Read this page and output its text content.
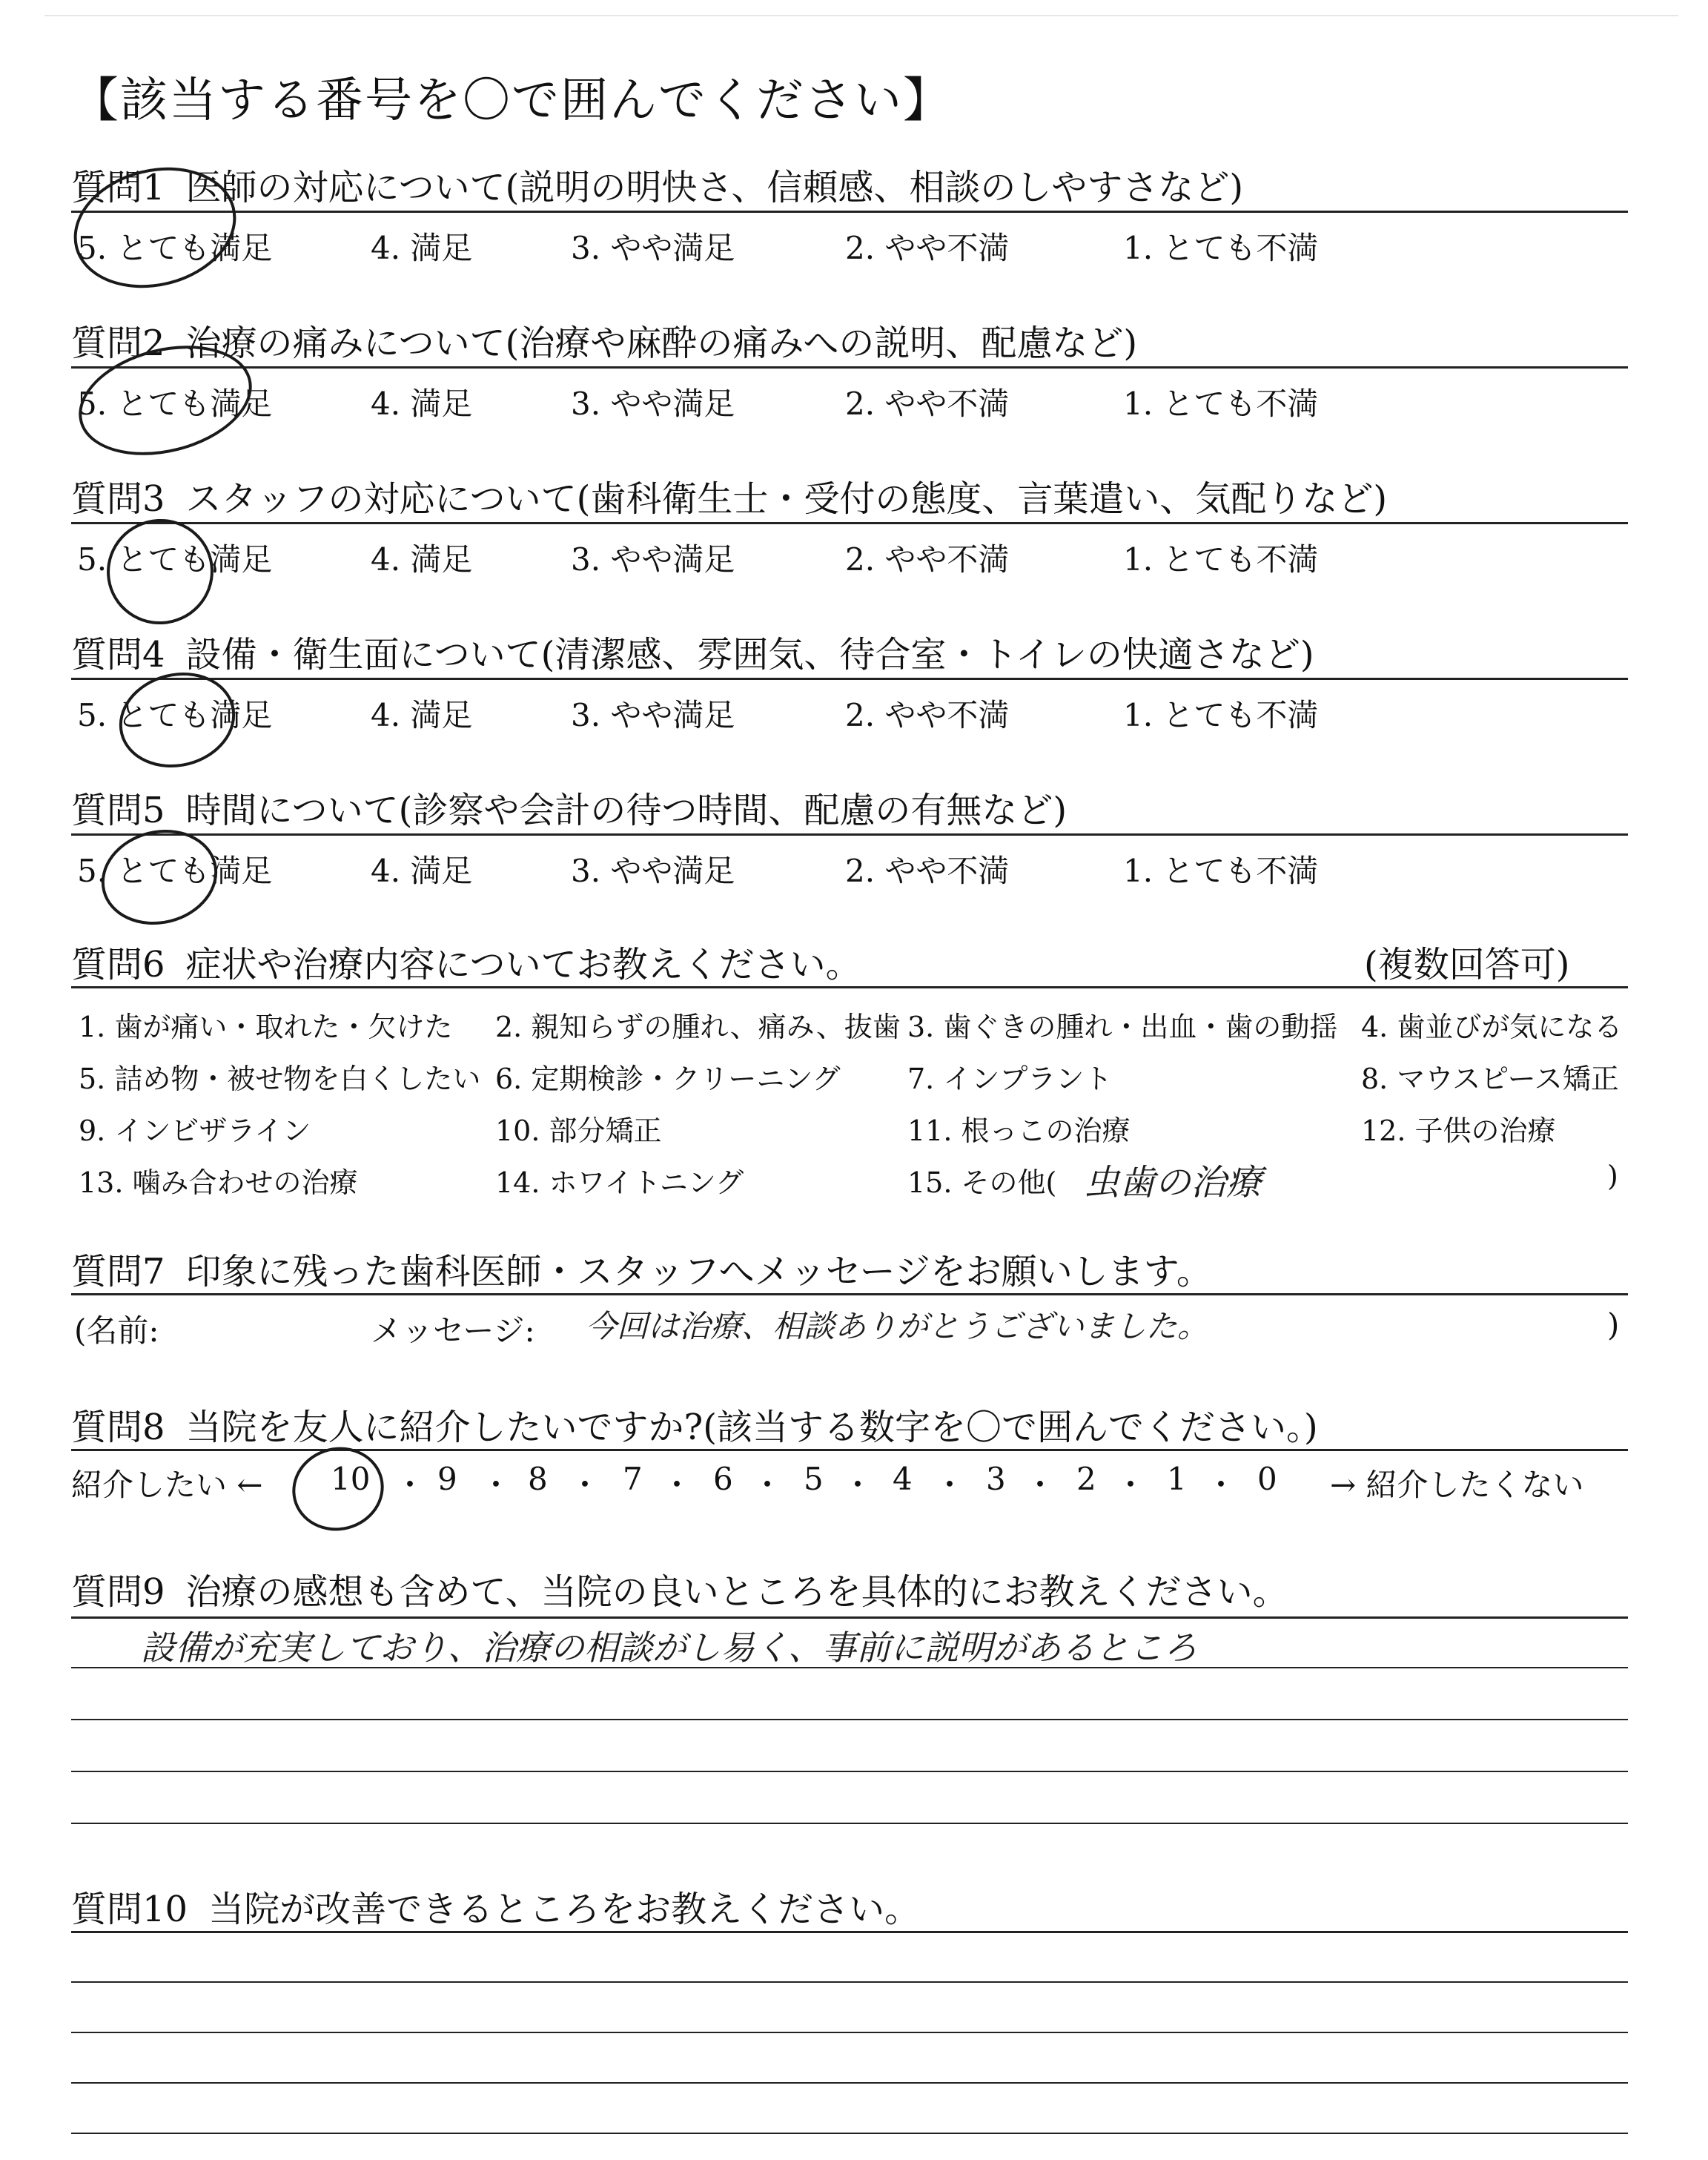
【該当する番号を〇で囲んでください】
質問1 医師の対応について(説明の明快さ、信頼感、相談のしやすさなど)
5. とても満足	4. 満足	3. やや満足	2. やや不満	1. とても不満
質問2 治療の痛みについて(治療や麻酔の痛みへの説明、配慮など)
5. とても満足	4. 満足	3. やや満足	2. やや不満	1. とても不満
質問3 スタッフの対応について(歯科衛生士・受付の態度、言葉遣い、気配りなど)
5. とても満足	4. 満足	3. やや満足	2. やや不満	1. とても不満
質問4 設備・衛生面について(清潔感、雰囲気、待合室・トイレの快適さなど)
5. とても満足	4. 満足	3. やや満足	2. やや不満	1. とても不満
質問5 時間について(診察や会計の待つ時間、配慮の有無など)
5. とても満足	4. 満足	3. やや満足	2. やや不満	1. とても不満
質問6 症状や治療内容についてお教えください。	(複数回答可)
1. 歯が痛い・取れた・欠けた 2. 親知らずの腫れ、痛み、抜歯 3. 歯ぐきの腫れ・出血・歯の動揺 4. 歯並びが気になる
5. 詰め物・被せ物を白くしたい 6. 定期検診・クリーニング 7. インプラント	8. マウスピース矯正
9. インビザライン	10. 部分矯正	11. 根っこの治療	12. 子供の治療
13. 噛み合わせの治療	14. ホワイトニング	15. その他( 虫歯の治療	)
質問7 印象に残った歯科医師・スタッフへメッセージをお願いします。
(名前:	メッセージ: 今回は治療、相談ありがとうございました。	)
質問8 当院を友人に紹介したいですか?(該当する数字を〇で囲んでください。)
紹介したい ← 10 ・ 9 ・ 8 ・ 7 ・ 6 ・ 5 ・ 4 ・ 3 ・ 2 ・ 1 ・ 0 → 紹介したくない
質問9 治療の感想も含めて、当院の良いところを具体的にお教えください。
設備が充実しており、治療の相談がし易く、事前に説明があるところ
質問10 当院が改善できるところをお教えください。
